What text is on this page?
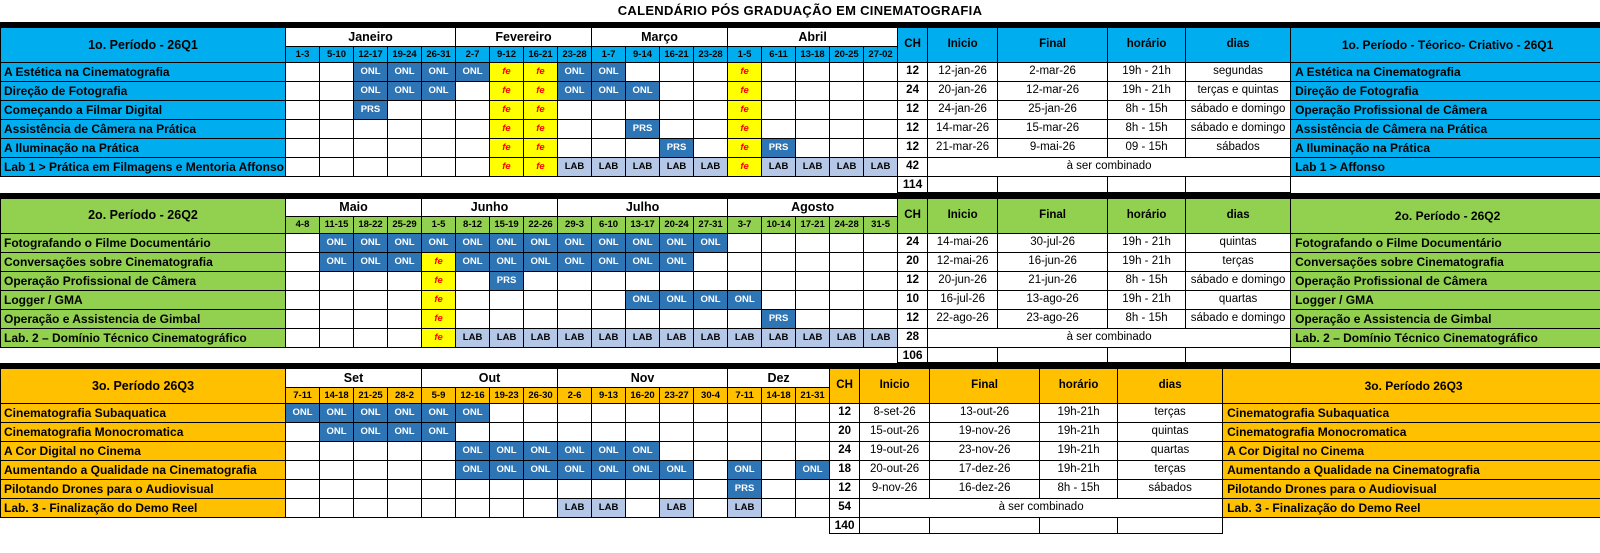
CALENDÁRIO PÓS GRADUAÇÃO EM CINEMATOGRAFIA
1o. Período - 26Q1	Janeiro					Fevereiro				Março				Abril					CH	Inicio	Final	horário	dias	1o. Período - Téorico- Criativo - 26Q1
	1-3	5-10	12-17	19-24	26-31	2-7	9-12	16-21	23-28	1-7	9-14	16-21	23-28	1-5	6-11	13-18	20-25	27-02						
A Estética na Cinematografia			ONL	ONL	ONL	ONL	fe	fe	ONL	ONL				fe					12	12-jan-26	2-mar-26	19h - 21h	segundas	A Estética na Cinematografia
Direção de Fotografia			ONL	ONL	ONL		fe	fe	ONL	ONL	ONL			fe					24	20-jan-26	12-mar-26	19h - 21h	terças e quintas	Direção de Fotografia
Começando a Filmar Digital			PRS				fe	fe						fe					12	24-jan-26	25-jan-26	8h - 15h	sábado e domingo	Operação Profissional de Câmera
Assistência de Câmera na Prática							fe	fe			PRS			fe					12	14-mar-26	15-mar-26	8h - 15h	sábado e domingo	Assistência de Câmera na Prática
A Iluminação na Prática							fe	fe				PRS		fe	PRS				12	21-mar-26	9-mai-26	09 - 15h	sábados	A Iluminação na Prática
Lab 1 > Prática em Filmagens e Mentoria Affonso							fe	fe	LAB	LAB	LAB	LAB	LAB	fe	LAB	LAB	LAB	LAB	42	à ser combinado				Lab 1 > Affonso
																			114					
2o. Período - 26Q2	Maio				Junho				Julho					Agosto					CH	Inicio	Final	horário	dias	2o. Período - 26Q2
	4-8	11-15	18-22	25-29	1-5	8-12	15-19	22-26	29-3	6-10	13-17	20-24	27-31	3-7	10-14	17-21	24-28	31-5						
Fotografando o Filme Documentário		ONL	ONL	ONL	ONL	ONL	ONL	ONL	ONL	ONL	ONL	ONL	ONL						24	14-mai-26	30-jul-26	19h - 21h	quintas	Fotografando o Filme Documentário
Conversações sobre Cinematografia		ONL	ONL	ONL	fe	ONL	ONL	ONL	ONL	ONL	ONL	ONL							20	12-mai-26	16-jun-26	19h - 21h	terças	Conversações sobre Cinematografia
Operação Profissional de Câmera					fe		PRS												12	20-jun-26	21-jun-26	8h - 15h	sábado e domingo	Operação Profissional de Câmera
Logger / GMA					fe						ONL	ONL	ONL	ONL					10	16-jul-26	13-ago-26	19h - 21h	quartas	Logger / GMA
Operação e Assistencia de Gimbal					fe										PRS				12	22-ago-26	23-ago-26	8h - 15h	sábado e domingo	Operação e Assistencia de Gimbal
Lab. 2 – Domínio Técnico Cinematográfico					fe	LAB	LAB	LAB	LAB	LAB	LAB	LAB	LAB	LAB	LAB	LAB	LAB	LAB	28	à ser combinado				Lab. 2 – Domínio Técnico Cinematográfico
																			106					
3o. Período 26Q3	Set				Out				Nov					Dez			CH	Inicio	Final	horário	dias	3o. Período 26Q3
	7-11	14-18	21-25	28-2	5-9	12-16	19-23	26-30	2-6	9-13	16-20	23-27	30-4	7-11	14-18	21-31						
Cinematografia Subaquatica	ONL	ONL	ONL	ONL	ONL	ONL											12	8-set-26	13-out-26	19h-21h	terças	Cinematografia Subaquatica
Cinematografia Monocromatica		ONL	ONL	ONL	ONL												20	15-out-26	19-nov-26	19h-21h	quintas	Cinematografia Monocromatica
A Cor Digital no Cinema						ONL	ONL	ONL	ONL	ONL	ONL						24	19-out-26	23-nov-26	19h-21h	quartas	A Cor Digital no Cinema
Aumentando a Qualidade na Cinematografia						ONL	ONL	ONL	ONL	ONL	ONL	ONL		ONL		ONL	18	20-out-26	17-dez-26	19h-21h	terças	Aumentando a Qualidade na Cinematografia
Pilotando Drones para o Audiovisual														PRS			12	9-nov-26	16-dez-26	8h - 15h	sábados	Pilotando Drones para o Audiovisual
Lab. 3 - Finalização do Demo Reel									LAB	LAB		LAB		LAB			54	à ser combinado				Lab. 3 - Finalização do Demo Reel
																	140					
